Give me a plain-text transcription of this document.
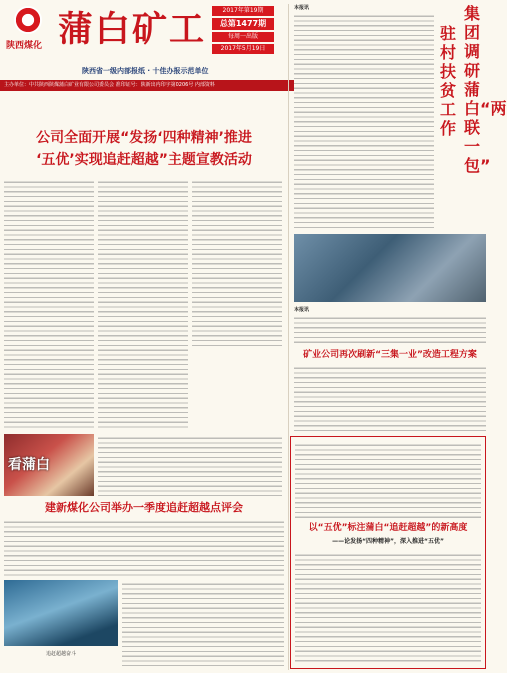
陕西煤化 蒲白矿工	2017年第19期
总第1477期
每周一出版
2017年5月19日
陕西省一级内部报纸 · 十佳办报示范单位
主办单位：中共陕西陕煤蒲白矿业有限公司委员会 准印证号：陕新出内印字第0206号 内部资料
公司全面开展“发扬‘四种精神’推进
‘五优’实现追赶超越”主题宣教活动
本报讯	集团调研蒲白“两联一包”
驻村扶贫工作
本报讯
矿业公司再次刷新“三集一业”改造工程方案
看蒲白
建新煤化公司举办一季度追赶超越点评会
追赶超越奋斗
以“五优”标注蒲白“追赶超越”的新高度
——论发扬“四种精神”，深入推进“五优”
